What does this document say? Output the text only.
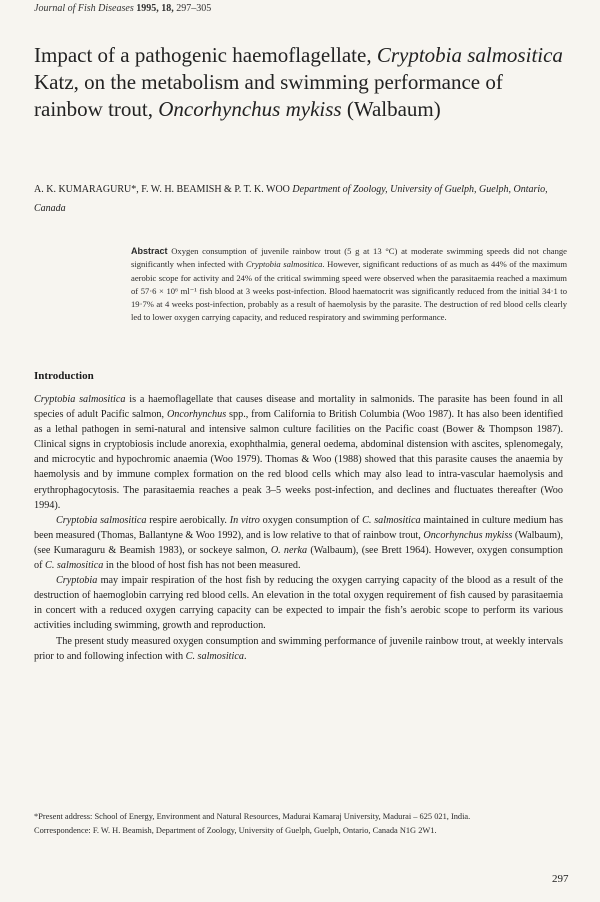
Journal of Fish Diseases 1995, 18, 297–305
Impact of a pathogenic haemoflagellate, Cryptobia salmositica Katz, on the metabolism and swimming performance of rainbow trout, Oncorhynchus mykiss (Walbaum)
A. K. KUMARAGURU*, F. W. H. BEAMISH & P. T. K. WOO Department of Zoology, University of Guelph, Guelph, Ontario, Canada
Abstract Oxygen consumption of juvenile rainbow trout (5 g at 13 °C) at moderate swimming speeds did not change significantly when infected with Cryptobia salmositica. However, significant reductions of as much as 44% of the maximum aerobic scope for activity and 24% of the critical swimming speed were observed when the parasitaemia reached a maximum of 57·6 × 10⁶ ml⁻¹ fish blood at 3 weeks post-infection. Blood haematocrit was significantly reduced from the initial 34·1 to 19·7% at 4 weeks post-infection, probably as a result of haemolysis by the parasite. The destruction of red blood cells clearly led to lower oxygen carrying capacity, and reduced respiratory and swimming performance.
Introduction

Cryptobia salmositica is a haemoflagellate that causes disease and mortality in salmonids. The parasite has been found in all species of adult Pacific salmon, Oncorhynchus spp., from California to British Columbia (Woo 1987). It has also been identified as a lethal pathogen in semi-natural and intensive salmon culture facilities on the Pacific coast (Bower & Thompson 1987). Clinical signs in cryptobiosis include anorexia, exophthalmia, general oedema, abdominal distension with ascites, splenomegaly, and microcytic and hypochromic anaemia (Woo 1979). Thomas & Woo (1988) showed that this parasite causes the anaemia by haemolysis and by immune complex formation on the red blood cells which may also lead to intra-vascular haemolysis and erythrophagocytosis. The parasitaemia reaches a peak 3–5 weeks post-infection, and declines and fluctuates thereafter (Woo 1994).

Cryptobia salmositica respire aerobically. In vitro oxygen consumption of C. salmositica maintained in culture medium has been measured (Thomas, Ballantyne & Woo 1992), and is low relative to that of rainbow trout, Oncorhynchus mykiss (Walbaum), (see Kumaraguru & Beamish 1983), or sockeye salmon, O. nerka (Walbaum), (see Brett 1964). However, oxygen consumption of C. salmositica in the blood of host fish has not been measured.

Cryptobia may impair respiration of the host fish by reducing the oxygen carrying capacity of the blood as a result of the destruction of haemoglobin carrying red blood cells. An elevation in the total oxygen requirement of fish caused by parasitaemia in concert with a reduced oxygen carrying capacity can be expected to impair the fish’s aerobic scope to perform its various activities including swimming, growth and reproduction.

The present study measured oxygen consumption and swimming performance of juvenile rainbow trout, at weekly intervals prior to and following infection with C. salmositica.

*Present address: School of Energy, Environment and Natural Resources, Madurai Kamaraj University, Madurai – 625 021, India.

Correspondence: F. W. H. Beamish, Department of Zoology, University of Guelph, Guelph, Ontario, Canada N1G 2W1.

297
